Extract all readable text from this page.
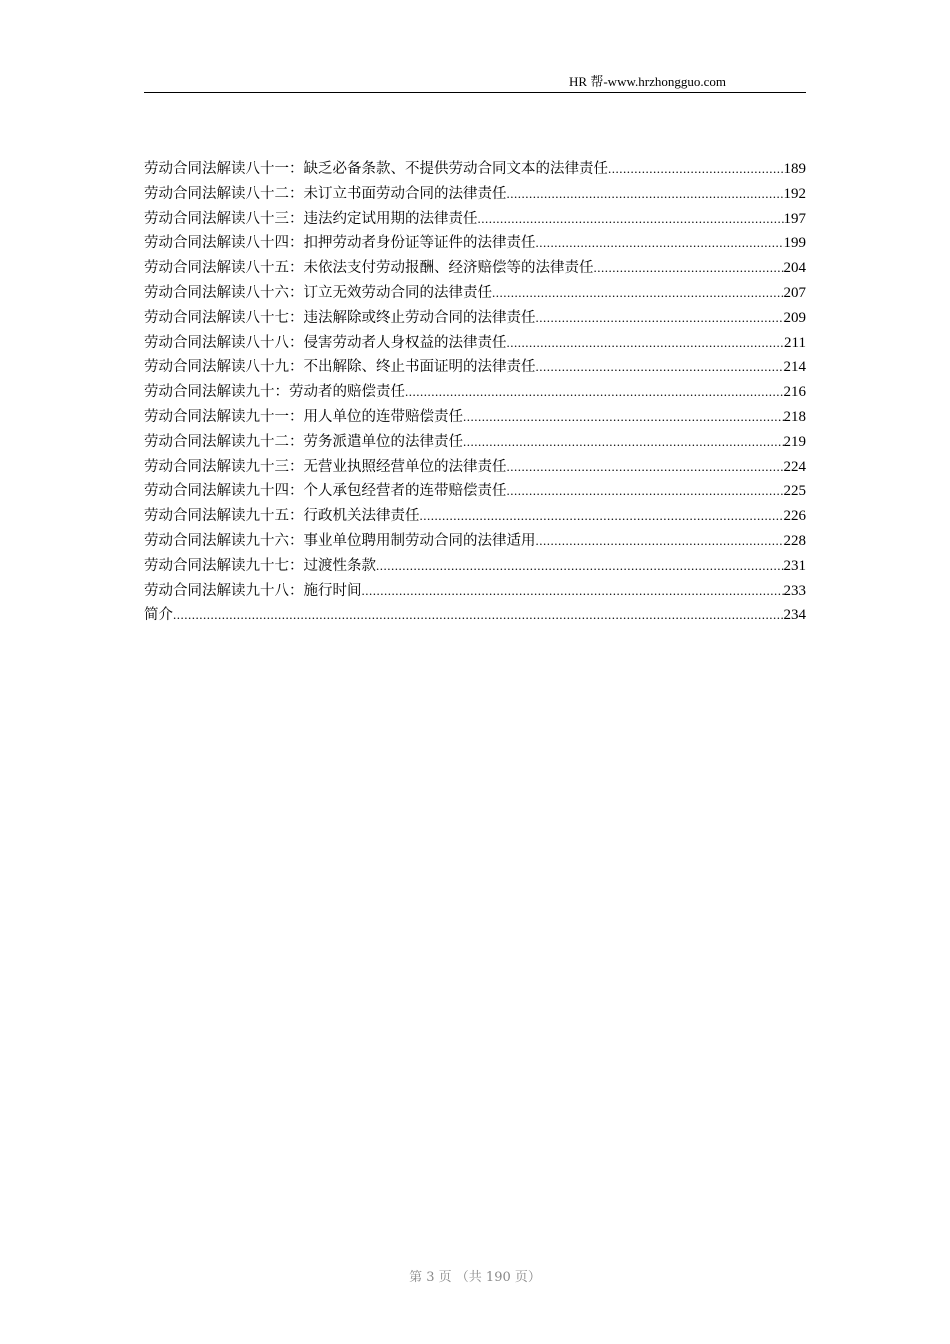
HR 帮-www.hrzhongguo.com
劳动合同法解读八十一：缺乏必备条款、不提供劳动合同文本的法律责任 .....	189
劳动合同法解读八十二：未订立书面劳动合同的法律责任 .....	192
劳动合同法解读八十三：违法约定试用期的法律责任 .....	197
劳动合同法解读八十四：扣押劳动者身份证等证件的法律责任 .....	199
劳动合同法解读八十五：未依法支付劳动报酬、经济赔偿等的法律责任 .....	204
劳动合同法解读八十六：订立无效劳动合同的法律责任 .....	207
劳动合同法解读八十七：违法解除或终止劳动合同的法律责任 .....	209
劳动合同法解读八十八：侵害劳动者人身权益的法律责任 .....	211
劳动合同法解读八十九：不出解除、终止书面证明的法律责任 .....	214
劳动合同法解读九十：劳动者的赔偿责任 .....	216
劳动合同法解读九十一：用人单位的连带赔偿责任 .....	218
劳动合同法解读九十二：劳务派遣单位的法律责任 .....	219
劳动合同法解读九十三：无营业执照经营单位的法律责任 .....	224
劳动合同法解读九十四：个人承包经营者的连带赔偿责任 .....	225
劳动合同法解读九十五：行政机关法律责任 .....	226
劳动合同法解读九十六：事业单位聘用制劳动合同的法律适用 .....	228
劳动合同法解读九十七：过渡性条款 .....	231
劳动合同法解读九十八：施行时间 .....	233
简介 .....	234
第 3 页 （共 190 页）
